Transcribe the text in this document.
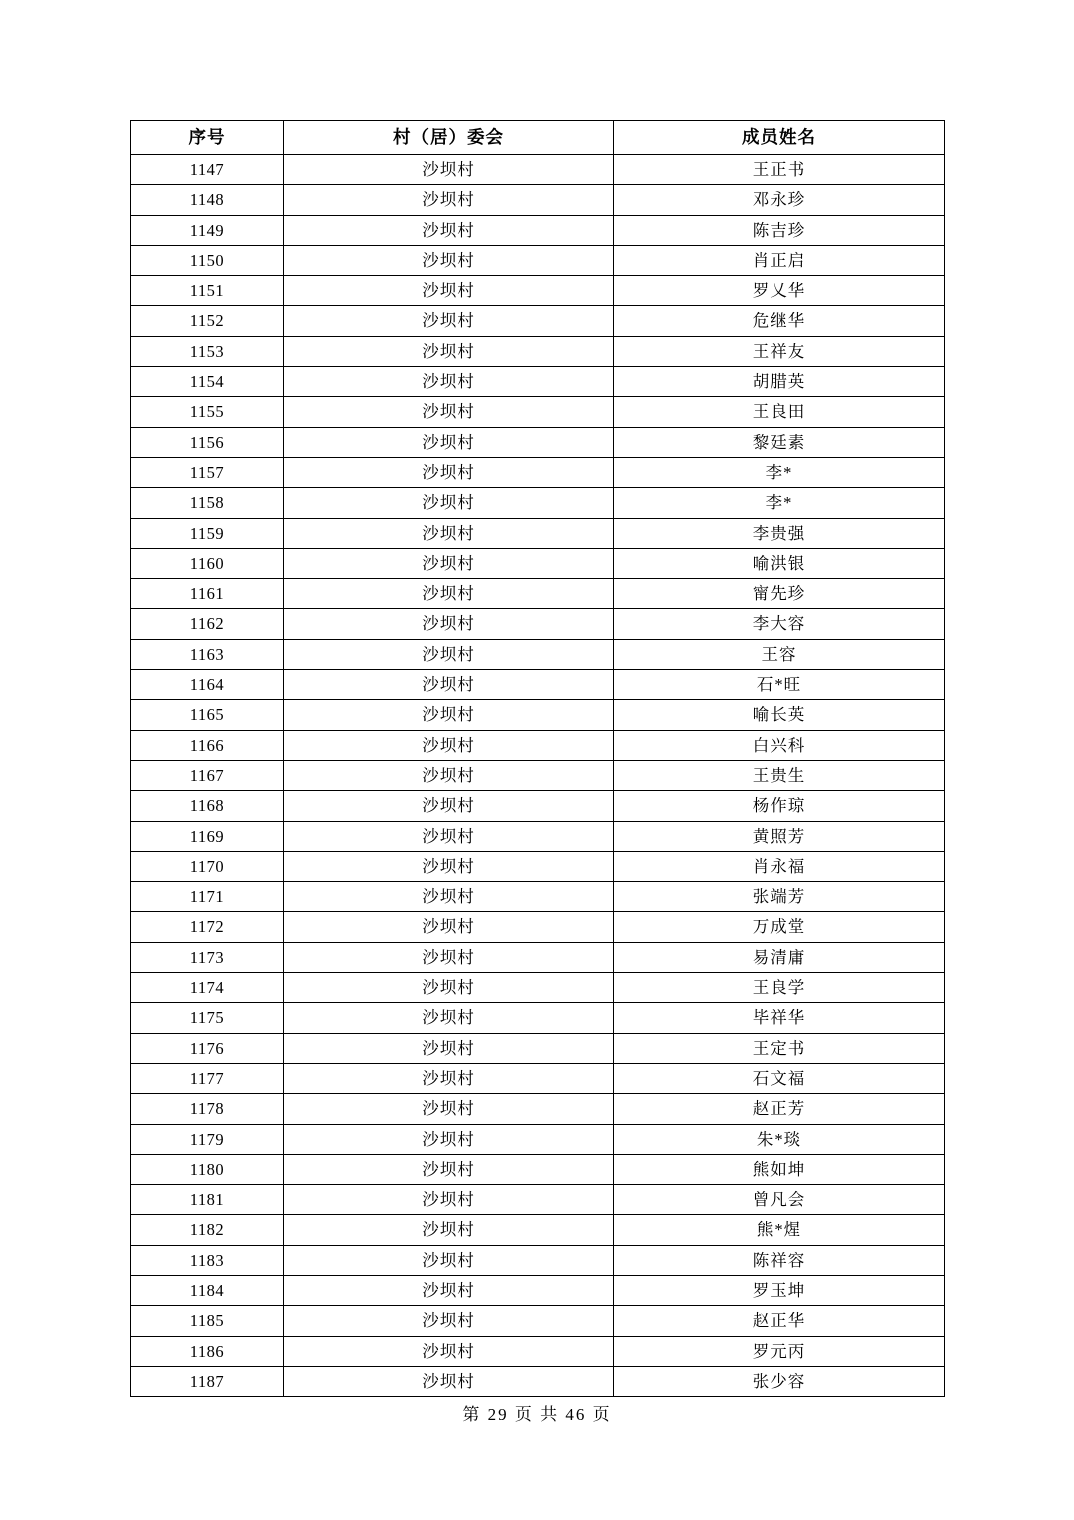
序号	村（居）委会	成员姓名
1147	沙坝村	王正书
1148	沙坝村	邓永珍
1149	沙坝村	陈吉珍
1150	沙坝村	肖正启
1151	沙坝村	罗乂华
1152	沙坝村	危继华
1153	沙坝村	王祥友
1154	沙坝村	胡腊英
1155	沙坝村	王良田
1156	沙坝村	黎廷素
1157	沙坝村	李*
1158	沙坝村	李*
1159	沙坝村	李贵强
1160	沙坝村	喻洪银
1161	沙坝村	甯先珍
1162	沙坝村	李大容
1163	沙坝村	王容
1164	沙坝村	石*旺
1165	沙坝村	喻长英
1166	沙坝村	白兴科
1167	沙坝村	王贵生
1168	沙坝村	杨作琼
1169	沙坝村	黄照芳
1170	沙坝村	肖永福
1171	沙坝村	张端芳
1172	沙坝村	万成堂
1173	沙坝村	易清庸
1174	沙坝村	王良学
1175	沙坝村	毕祥华
1176	沙坝村	王定书
1177	沙坝村	石文福
1178	沙坝村	赵正芳
1179	沙坝村	朱*琰
1180	沙坝村	熊如坤
1181	沙坝村	曾凡会
1182	沙坝村	熊*煋
1183	沙坝村	陈祥容
1184	沙坝村	罗玉坤
1185	沙坝村	赵正华
1186	沙坝村	罗元丙
1187	沙坝村	张少容
第 29 页 共 46 页
